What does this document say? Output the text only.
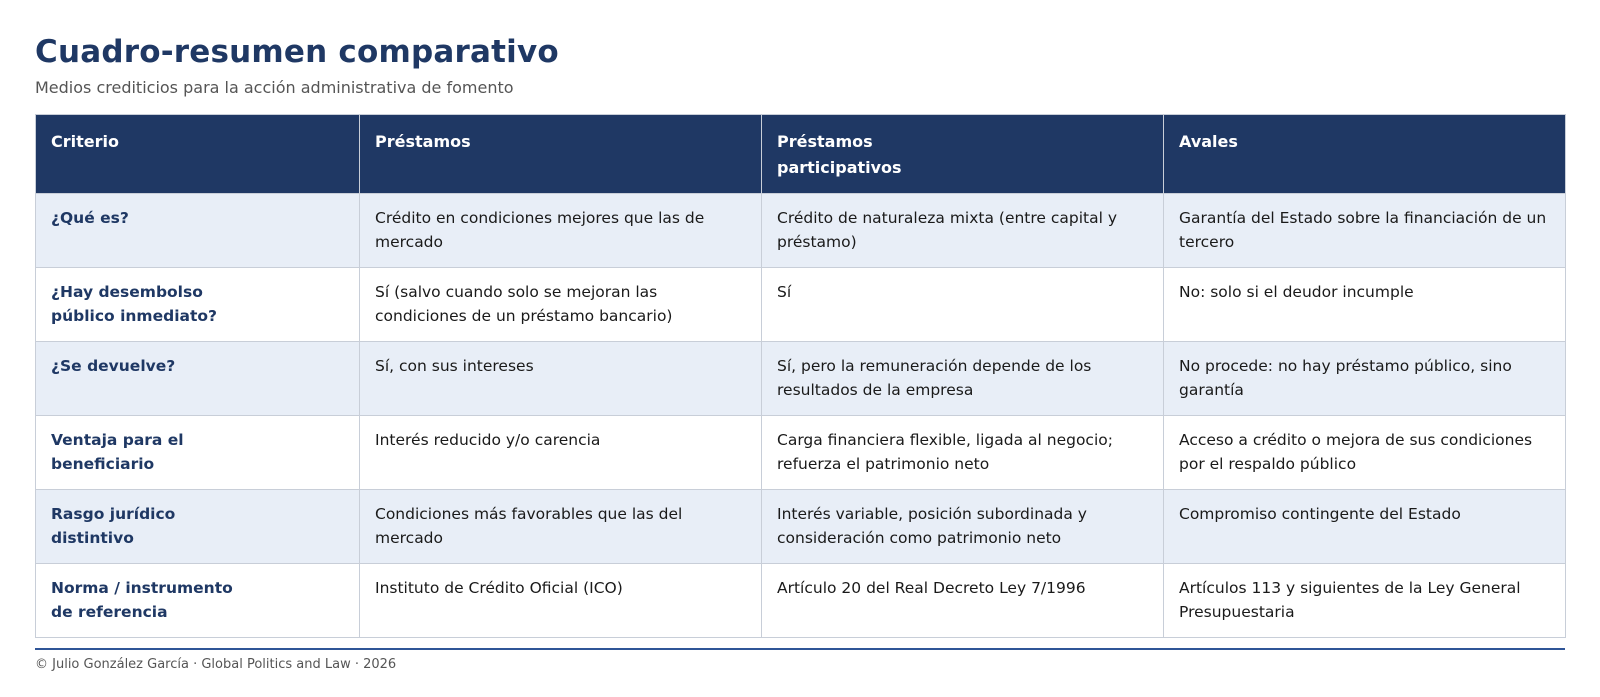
Cuadro-resumen comparativo

Medios crediticios para la acción administrativa de fomento

Criterio	Préstamos	Préstamos participativos	Avales
¿Qué es?	Crédito en condiciones mejores que las de mercado	Crédito de naturaleza mixta (entre capital y préstamo)	Garantía del Estado sobre la financiación de un tercero
¿Hay desembolso público inmediato?	Sí (salvo cuando solo se mejoran las condiciones de un préstamo bancario)	Sí	No: solo si el deudor incumple
¿Se devuelve?	Sí, con sus intereses	Sí, pero la remuneración depende de los resultados de la empresa	No procede: no hay préstamo público, sino garantía
Ventaja para el beneficiario	Interés reducido y/o carencia	Carga financiera flexible, ligada al negocio; refuerza el patrimonio neto	Acceso a crédito o mejora de sus condiciones por el respaldo público
Rasgo jurídico distintivo	Condiciones más favorables que las del mercado	Interés variable, posición subordinada y consideración como patrimonio neto	Compromiso contingente del Estado
Norma / instrumento de referencia	Instituto de Crédito Oficial (ICO)	Artículo 20 del Real Decreto Ley 7/1996	Artículos 113 y siguientes de la Ley General Presupuestaria
© Julio González García · Global Politics and Law · 2026
